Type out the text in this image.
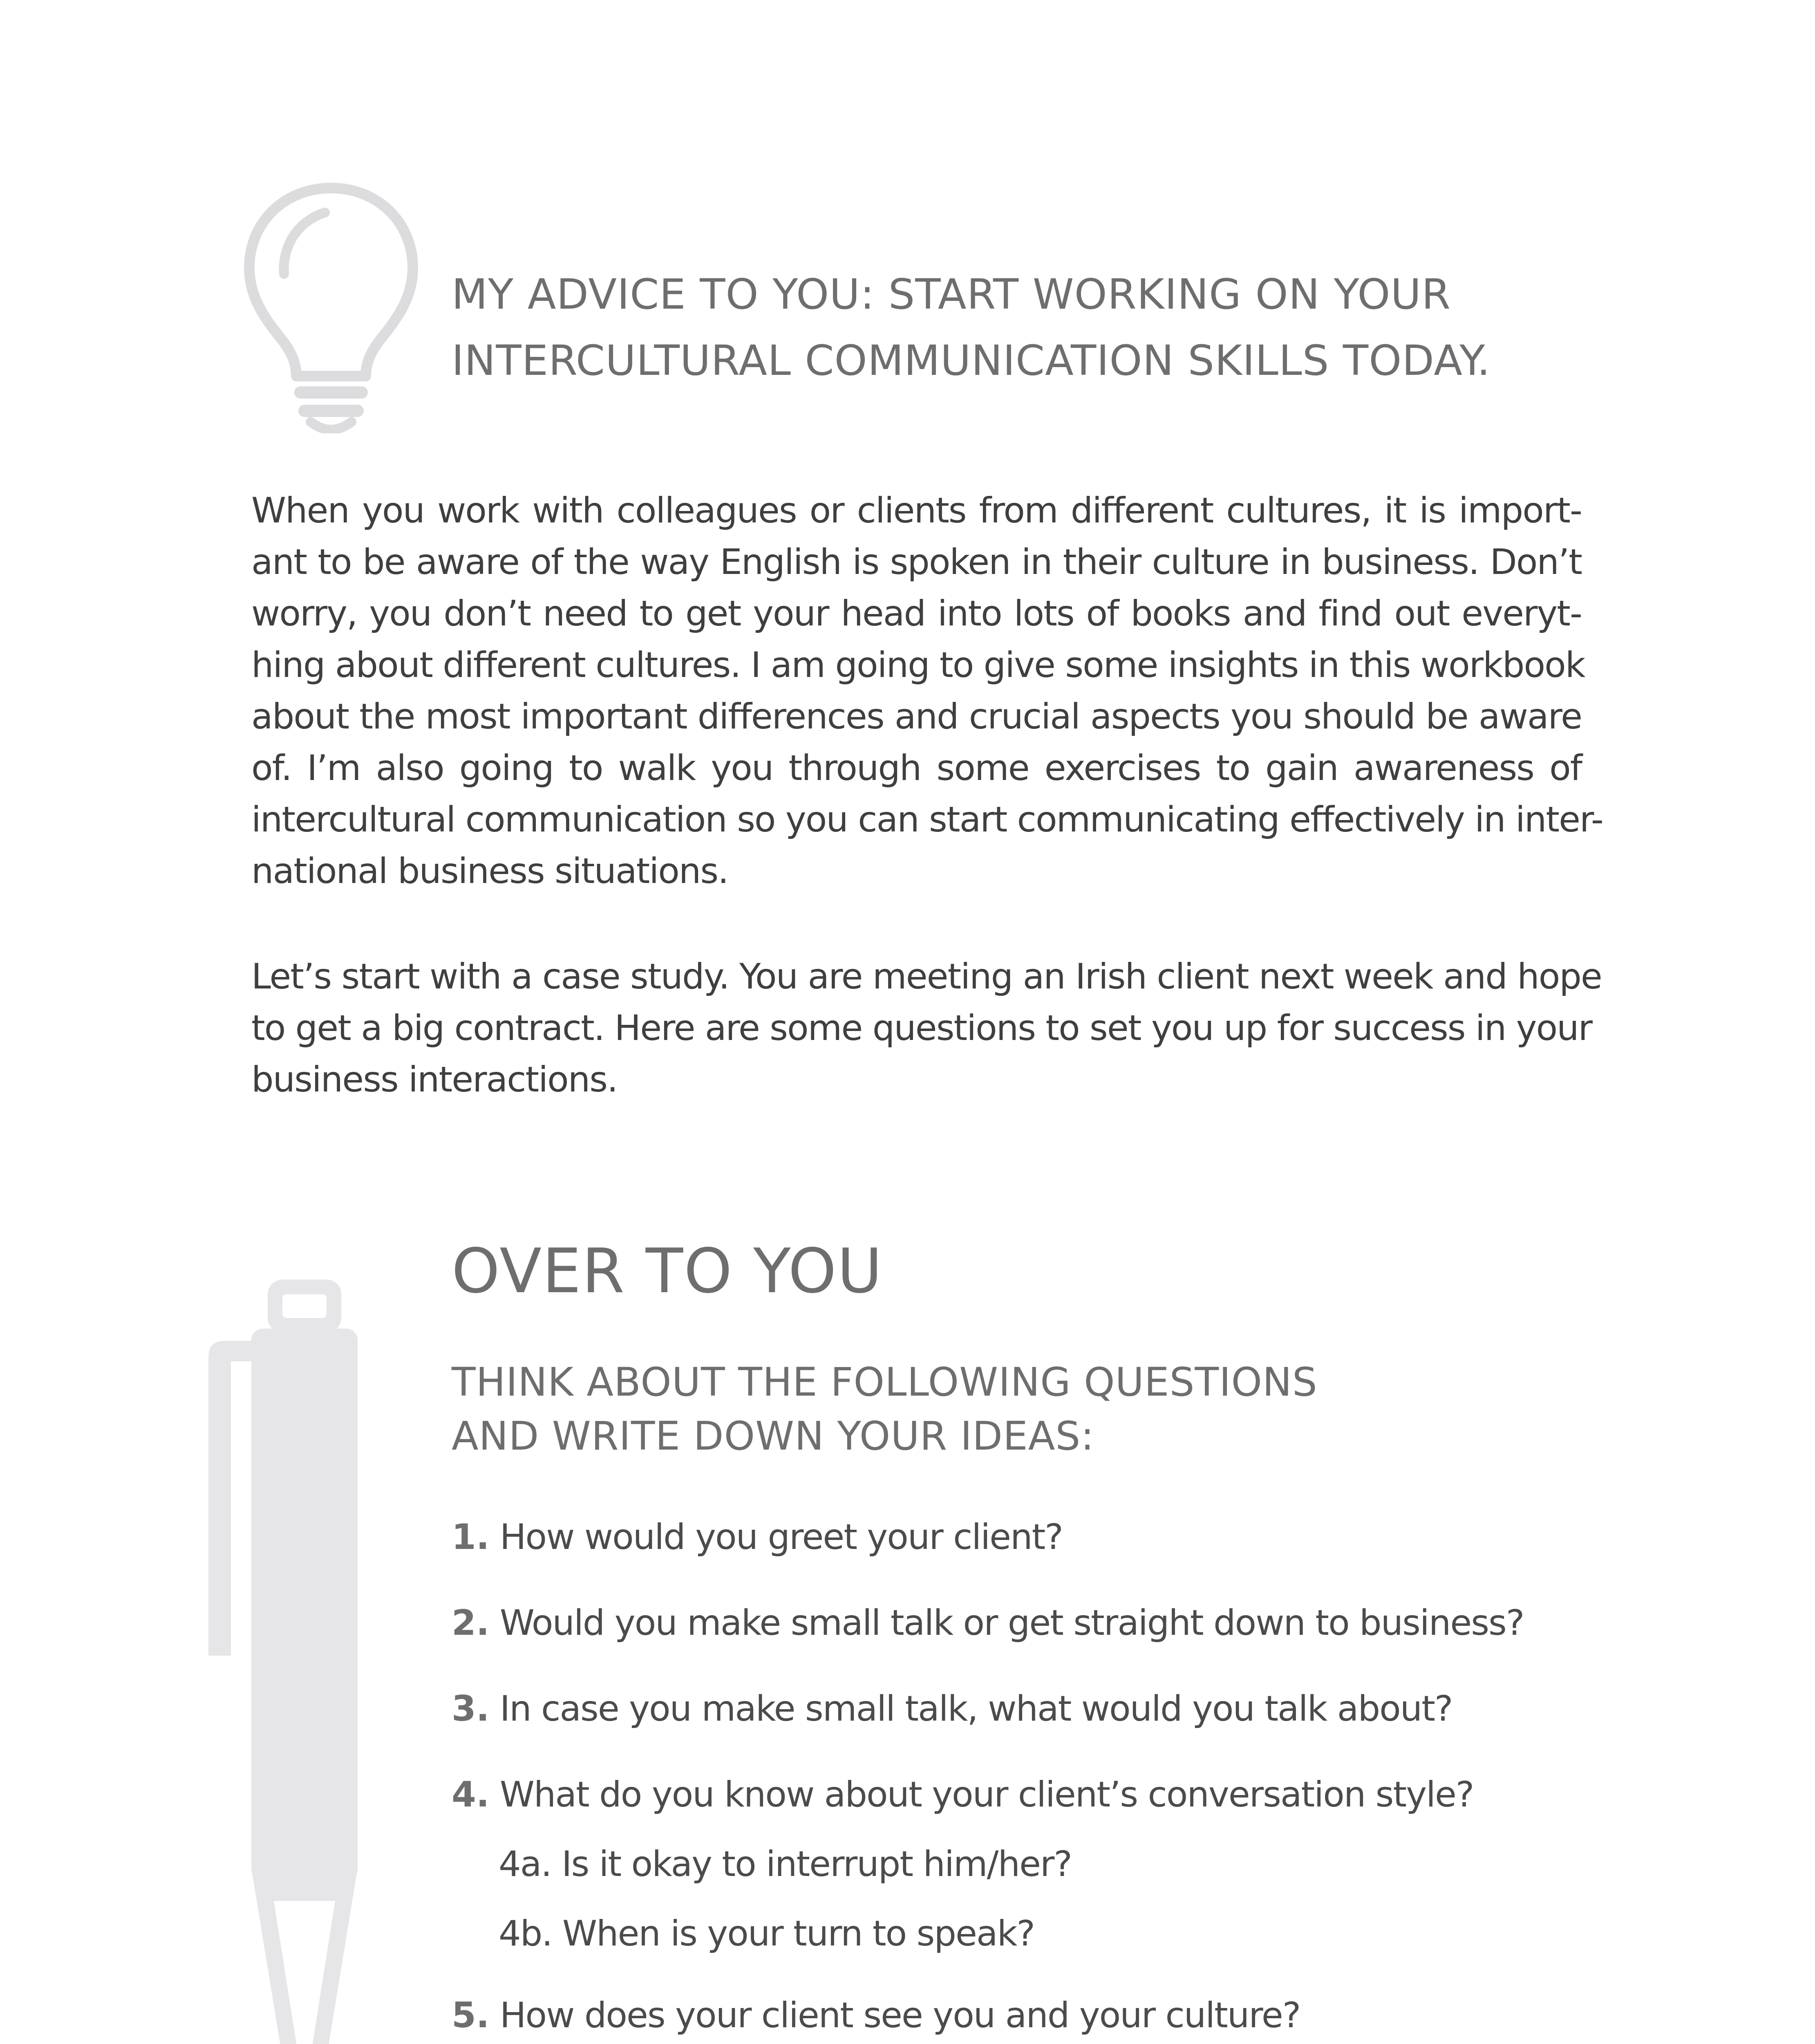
MY ADVICE TO YOU: START WORKING ON YOUR
INTERCULTURAL COMMUNICATION SKILLS TODAY.

When you work with colleagues or clients from different cultures, it is import-
ant to be aware of the way English is spoken in their culture in business. Don’t
worry, you don’t need to get your head into lots of books and find out everyt-
hing about different cultures. I am going to give some insights in this workbook
about the most important differences and crucial aspects you should be aware
of. I’m also going to walk you through some exercises to gain awareness of
intercultural communication so you can start communicating effectively in inter-
national business situations.

Let’s start with a case study. You are meeting an Irish client next week and hope
to get a big contract. Here are some questions to set you up for success in your
business interactions.

OVER TO YOU
THINK ABOUT THE FOLLOWING QUESTIONS
AND WRITE DOWN YOUR IDEAS:

1. How would you greet your client?

2. Would you make small talk or get straight down to business?

3. In case you make small talk, what would you talk about?

4. What do you know about your client’s conversation style?

4a. Is it okay to interrupt him/her?

4b. When is your turn to speak?

5. How does your client see you and your culture?
